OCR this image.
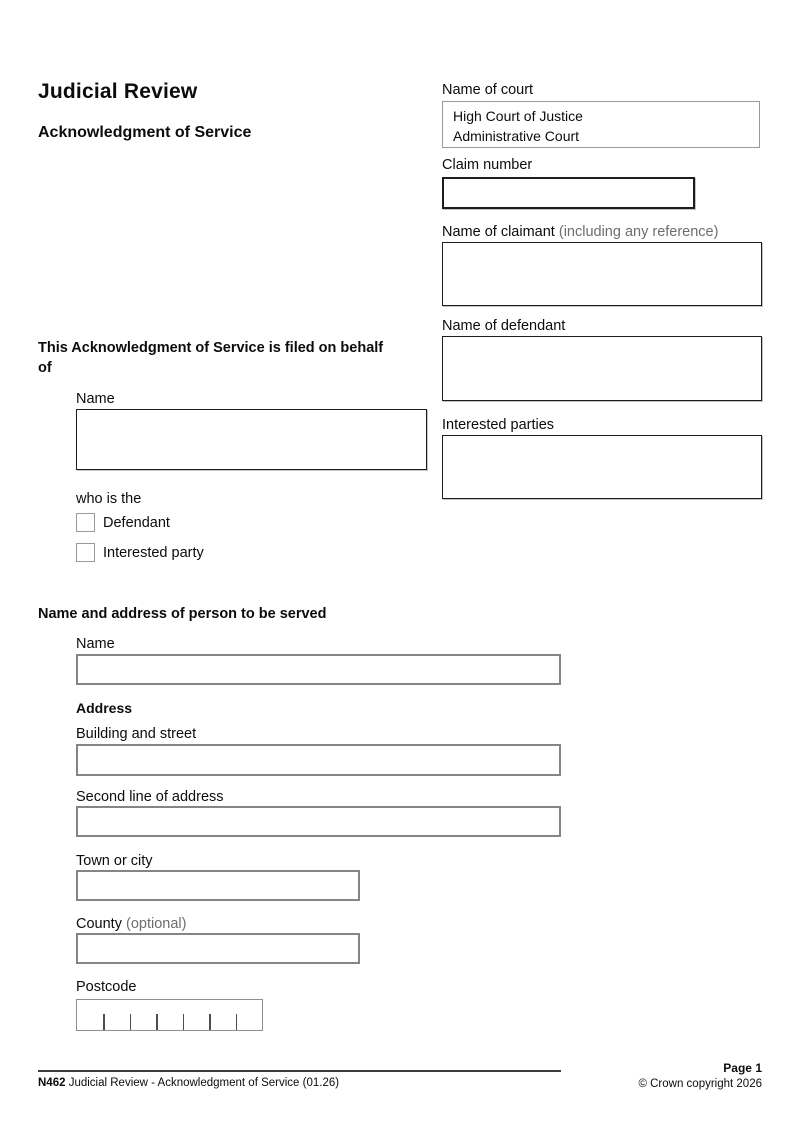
Judicial Review
Acknowledgment of Service
Name of court
High Court of Justice
Administrative Court
Claim number
Name of claimant (including any reference)
Name of defendant
Interested parties
This Acknowledgment of Service is filed on behalf of
Name
who is the
Defendant
Interested party
Name and address of person to be served
Name
Address
Building and street
Second line of address
Town or city
County (optional)
Postcode
N462 Judicial Review - Acknowledgment of Service (01.26)
Page 1
© Crown copyright 2026
